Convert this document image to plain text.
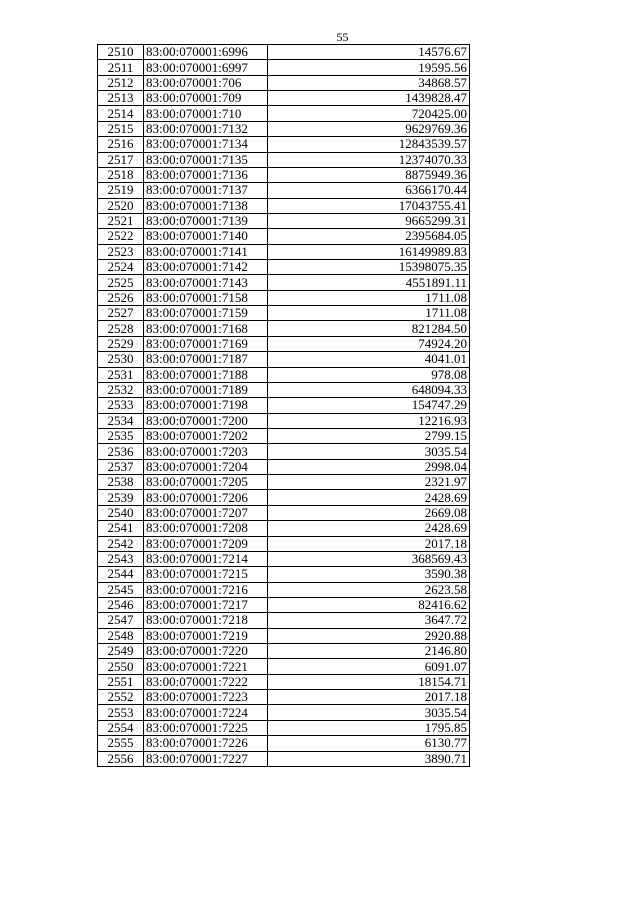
55
2510	83:00:070001:6996	14576.67
2511	83:00:070001:6997	19595.56
2512	83:00:070001:706	34868.57
2513	83:00:070001:709	1439828.47
2514	83:00:070001:710	720425.00
2515	83:00:070001:7132	9629769.36
2516	83:00:070001:7134	12843539.57
2517	83:00:070001:7135	12374070.33
2518	83:00:070001:7136	8875949.36
2519	83:00:070001:7137	6366170.44
2520	83:00:070001:7138	17043755.41
2521	83:00:070001:7139	9665299.31
2522	83:00:070001:7140	2395684.05
2523	83:00:070001:7141	16149989.83
2524	83:00:070001:7142	15398075.35
2525	83:00:070001:7143	4551891.11
2526	83:00:070001:7158	1711.08
2527	83:00:070001:7159	1711.08
2528	83:00:070001:7168	821284.50
2529	83:00:070001:7169	74924.20
2530	83:00:070001:7187	4041.01
2531	83:00:070001:7188	978.08
2532	83:00:070001:7189	648094.33
2533	83:00:070001:7198	154747.29
2534	83:00:070001:7200	12216.93
2535	83:00:070001:7202	2799.15
2536	83:00:070001:7203	3035.54
2537	83:00:070001:7204	2998.04
2538	83:00:070001:7205	2321.97
2539	83:00:070001:7206	2428.69
2540	83:00:070001:7207	2669.08
2541	83:00:070001:7208	2428.69
2542	83:00:070001:7209	2017.18
2543	83:00:070001:7214	368569.43
2544	83:00:070001:7215	3590.38
2545	83:00:070001:7216	2623.58
2546	83:00:070001:7217	82416.62
2547	83:00:070001:7218	3647.72
2548	83:00:070001:7219	2920.88
2549	83:00:070001:7220	2146.80
2550	83:00:070001:7221	6091.07
2551	83:00:070001:7222	18154.71
2552	83:00:070001:7223	2017.18
2553	83:00:070001:7224	3035.54
2554	83:00:070001:7225	1795.85
2555	83:00:070001:7226	6130.77
2556	83:00:070001:7227	3890.71
